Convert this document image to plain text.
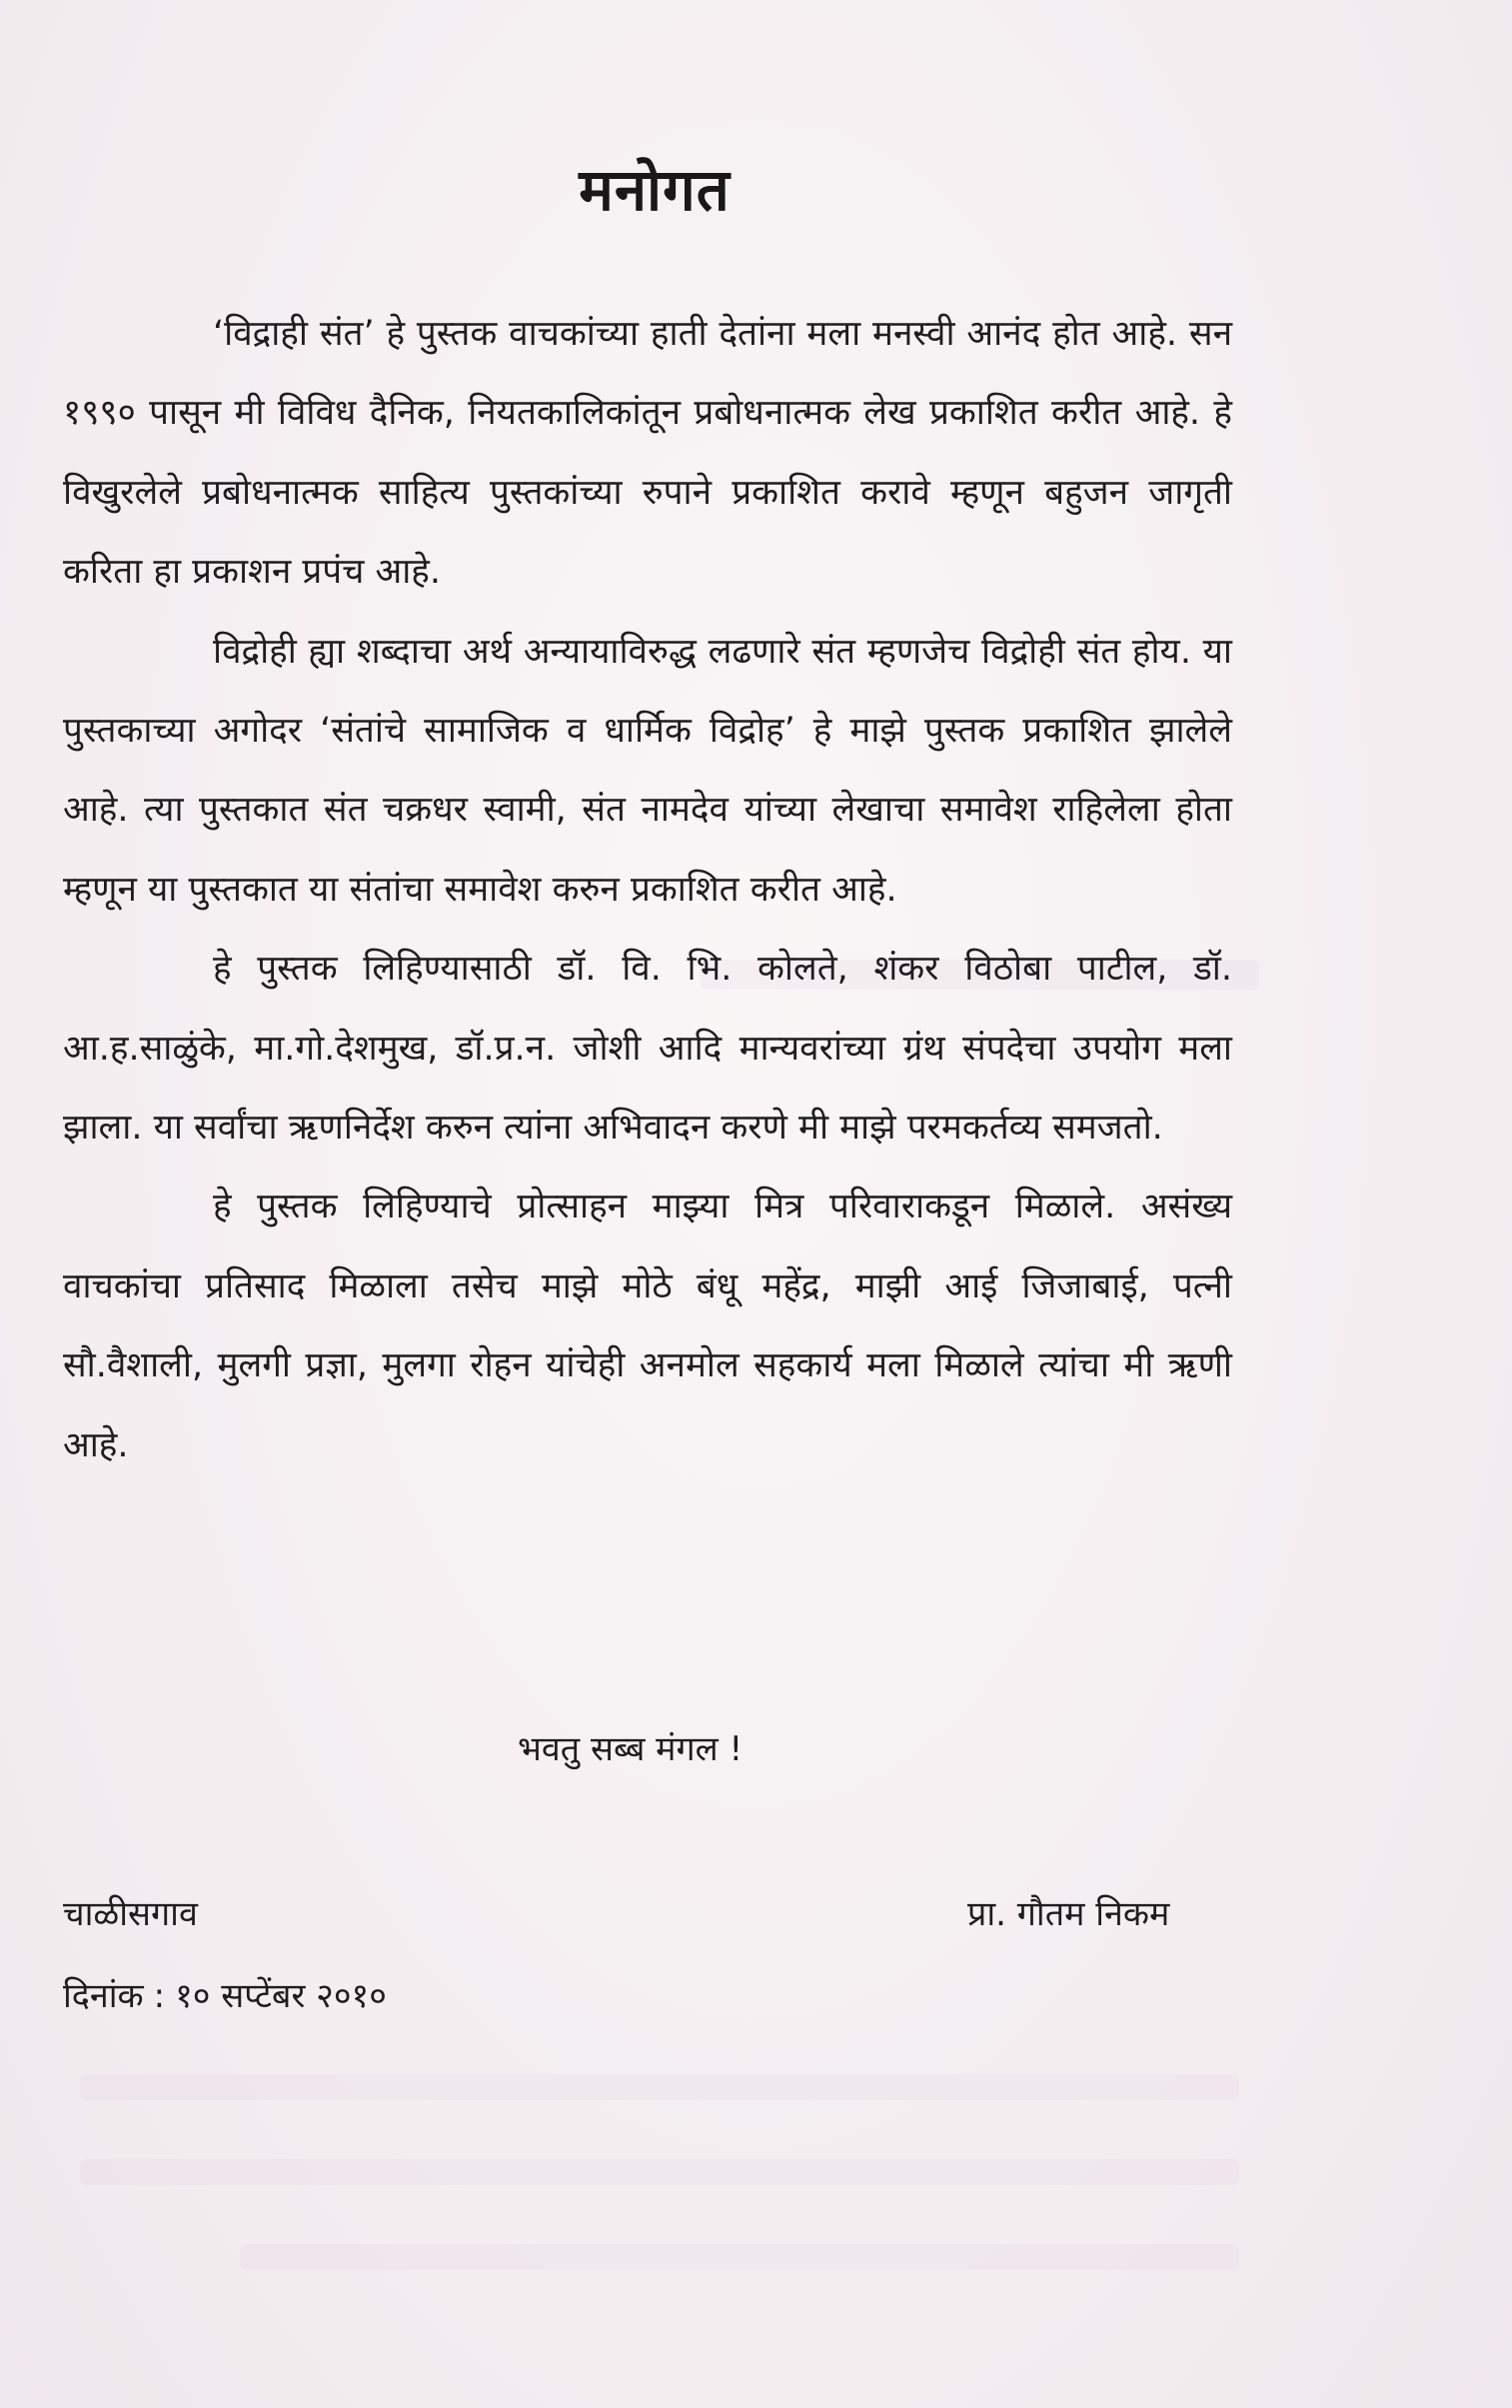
मनोगत

‘विद्राही संत’ हे पुस्तक वाचकांच्या हाती देतांना मला मनस्वी आनंद होत आहे. सन १९९० पासून मी विविध दैनिक, नियतकालिकांतून प्रबोधनात्मक लेख प्रकाशित करीत आहे. हे विखुरलेले प्रबोधनात्मक साहित्य पुस्तकांच्या रुपाने प्रकाशित करावे म्हणून बहुजन जागृती करिता हा प्रकाशन प्रपंच आहे.

विद्रोही ह्या शब्दाचा अर्थ अन्यायाविरुद्ध लढणारे संत म्हणजेच विद्रोही संत होय. या पुस्तकाच्या अगोदर ‘संतांचे सामाजिक व धार्मिक विद्रोह’ हे माझे पुस्तक प्रकाशित झालेले आहे. त्या पुस्तकात संत चक्रधर स्वामी, संत नामदेव यांच्या लेखाचा समावेश राहिलेला होता म्हणून या पुस्तकात या संतांचा समावेश करुन प्रकाशित करीत आहे.

हे पुस्तक लिहिण्यासाठी डॉ. वि. भि. कोलते, शंकर विठोबा पाटील, डॉ. आ.ह.साळुंके, मा.गो.देशमुख, डॉ.प्र.न. जोशी आदि मान्यवरांच्या ग्रंथ संपदेचा उपयोग मला झाला. या सर्वांचा ऋणनिर्देश करुन त्यांना अभिवादन करणे मी माझे परमकर्तव्य समजतो.

हे पुस्तक लिहिण्याचे प्रोत्साहन माझ्या मित्र परिवाराकडून मिळाले. असंख्य वाचकांचा प्रतिसाद मिळाला तसेच माझे मोठे बंधू महेंद्र, माझी आई जिजाबाई, पत्नी सौ.वैशाली, मुलगी प्रज्ञा, मुलगा रोहन यांचेही अनमोल सहकार्य मला मिळाले त्यांचा मी ऋणी आहे.

भवतु सब्ब मंगल !
चाळीसगाव	प्रा. गौतम निकम
दिनांक : १० सप्टेंबर २०१०
